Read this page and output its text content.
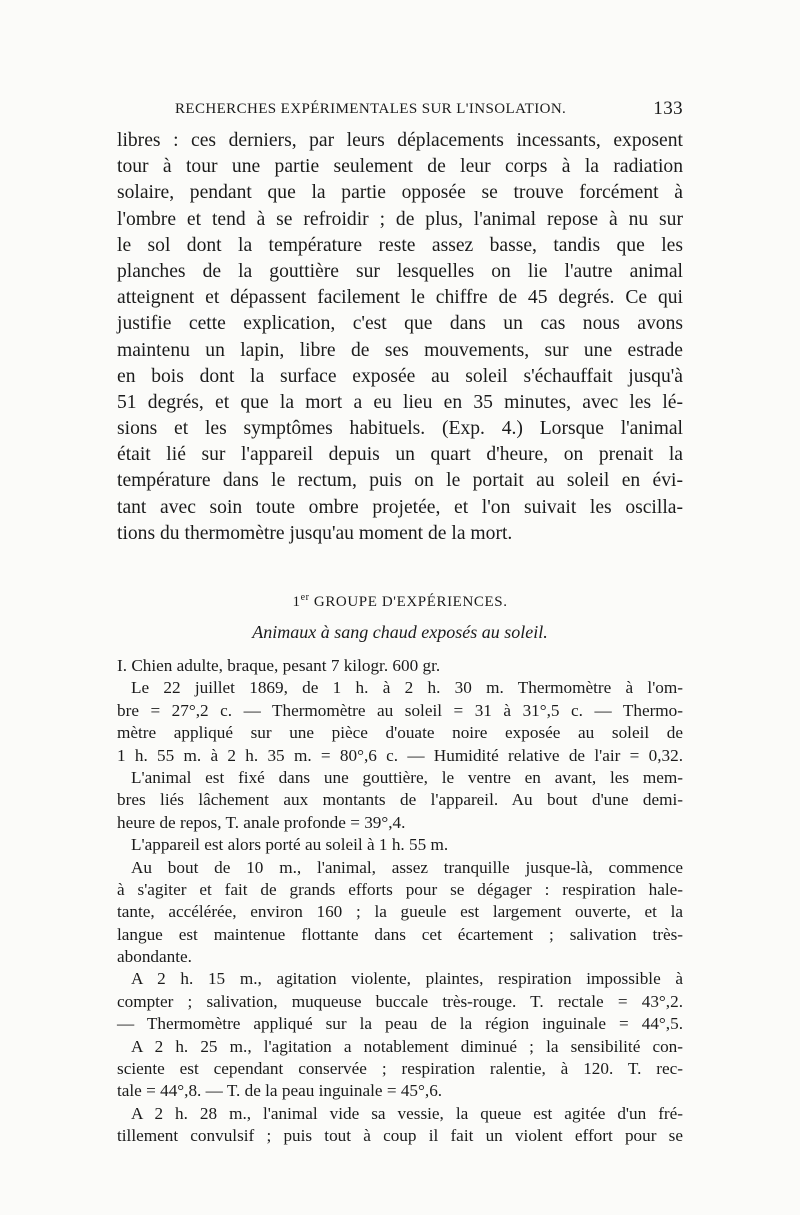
RECHERCHES EXPÉRIMENTALES SUR L'INSOLATION.	133
libres : ces derniers, par leurs déplacements incessants, exposent
tour à tour une partie seulement de leur corps à la radiation
solaire, pendant que la partie opposée se trouve forcément à
l'ombre et tend à se refroidir ; de plus, l'animal repose à nu sur
le sol dont la température reste assez basse, tandis que les
planches de la gouttière sur lesquelles on lie l'autre animal
atteignent et dépassent facilement le chiffre de 45 degrés. Ce qui
justifie cette explication, c'est que dans un cas nous avons
maintenu un lapin, libre de ses mouvements, sur une estrade
en bois dont la surface exposée au soleil s'échauffait jusqu'à
51 degrés, et que la mort a eu lieu en 35 minutes, avec les lé-
sions et les symptômes habituels. (Exp. 4.) Lorsque l'animal
était lié sur l'appareil depuis un quart d'heure, on prenait la
température dans le rectum, puis on le portait au soleil en évi-
tant avec soin toute ombre projetée, et l'on suivait les oscilla-
tions du thermomètre jusqu'au moment de la mort.
1er GROUPE D'EXPÉRIENCES.
Animaux à sang chaud exposés au soleil.
I. Chien adulte, braque, pesant 7 kilogr. 600 gr.
Le 22 juillet 1869, de 1 h. à 2 h. 30 m. Thermomètre à l'om-
bre = 27°,2 c. — Thermomètre au soleil = 31 à 31°,5 c. — Thermo-
mètre appliqué sur une pièce d'ouate noire exposée au soleil de
1 h. 55 m. à 2 h. 35 m. = 80°,6 c. — Humidité relative de l'air = 0,32.
L'animal est fixé dans une gouttière, le ventre en avant, les mem-
bres liés lâchement aux montants de l'appareil. Au bout d'une demi-
heure de repos, T. anale profonde = 39°,4.
L'appareil est alors porté au soleil à 1 h. 55 m.
Au bout de 10 m., l'animal, assez tranquille jusque-là, commence
à s'agiter et fait de grands efforts pour se dégager : respiration hale-
tante, accélérée, environ 160 ; la gueule est largement ouverte, et la
langue est maintenue flottante dans cet écartement ; salivation très-
abondante.
A 2 h. 15 m., agitation violente, plaintes, respiration impossible à
compter ; salivation, muqueuse buccale très-rouge. T. rectale = 43°,2.
— Thermomètre appliqué sur la peau de la région inguinale = 44°,5.
A 2 h. 25 m., l'agitation a notablement diminué ; la sensibilité con-
sciente est cependant conservée ; respiration ralentie, à 120. T. rec-
tale = 44°,8. — T. de la peau inguinale = 45°,6.
A 2 h. 28 m., l'animal vide sa vessie, la queue est agitée d'un fré-
tillement convulsif ; puis tout à coup il fait un violent effort pour se
